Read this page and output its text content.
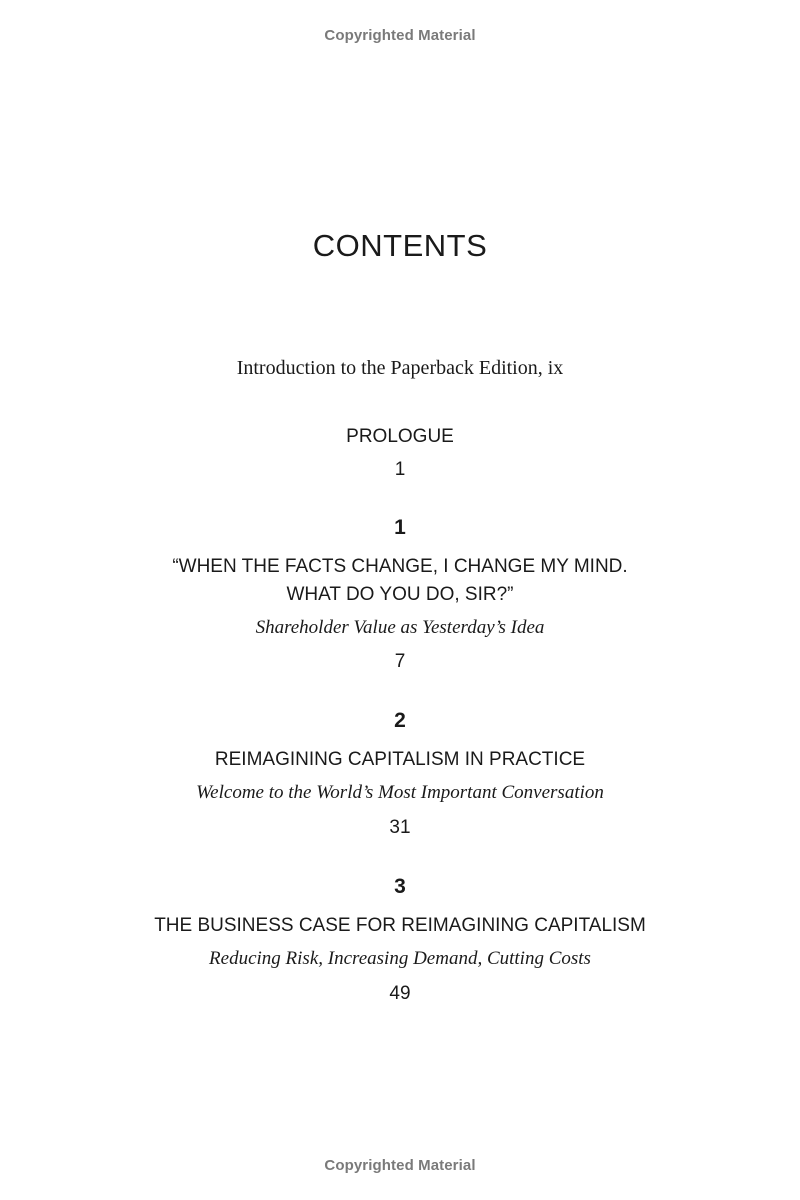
Copyrighted Material
CONTENTS
Introduction to the Paperback Edition, ix
PROLOGUE
1
1
“WHEN THE FACTS CHANGE, I CHANGE MY MIND.
WHAT DO YOU DO, SIR?”
Shareholder Value as Yesterday’s Idea
7
2
REIMAGINING CAPITALISM IN PRACTICE
Welcome to the World’s Most Important Conversation
31
3
THE BUSINESS CASE FOR REIMAGINING CAPITALISM
Reducing Risk, Increasing Demand, Cutting Costs
49
Copyrighted Material
